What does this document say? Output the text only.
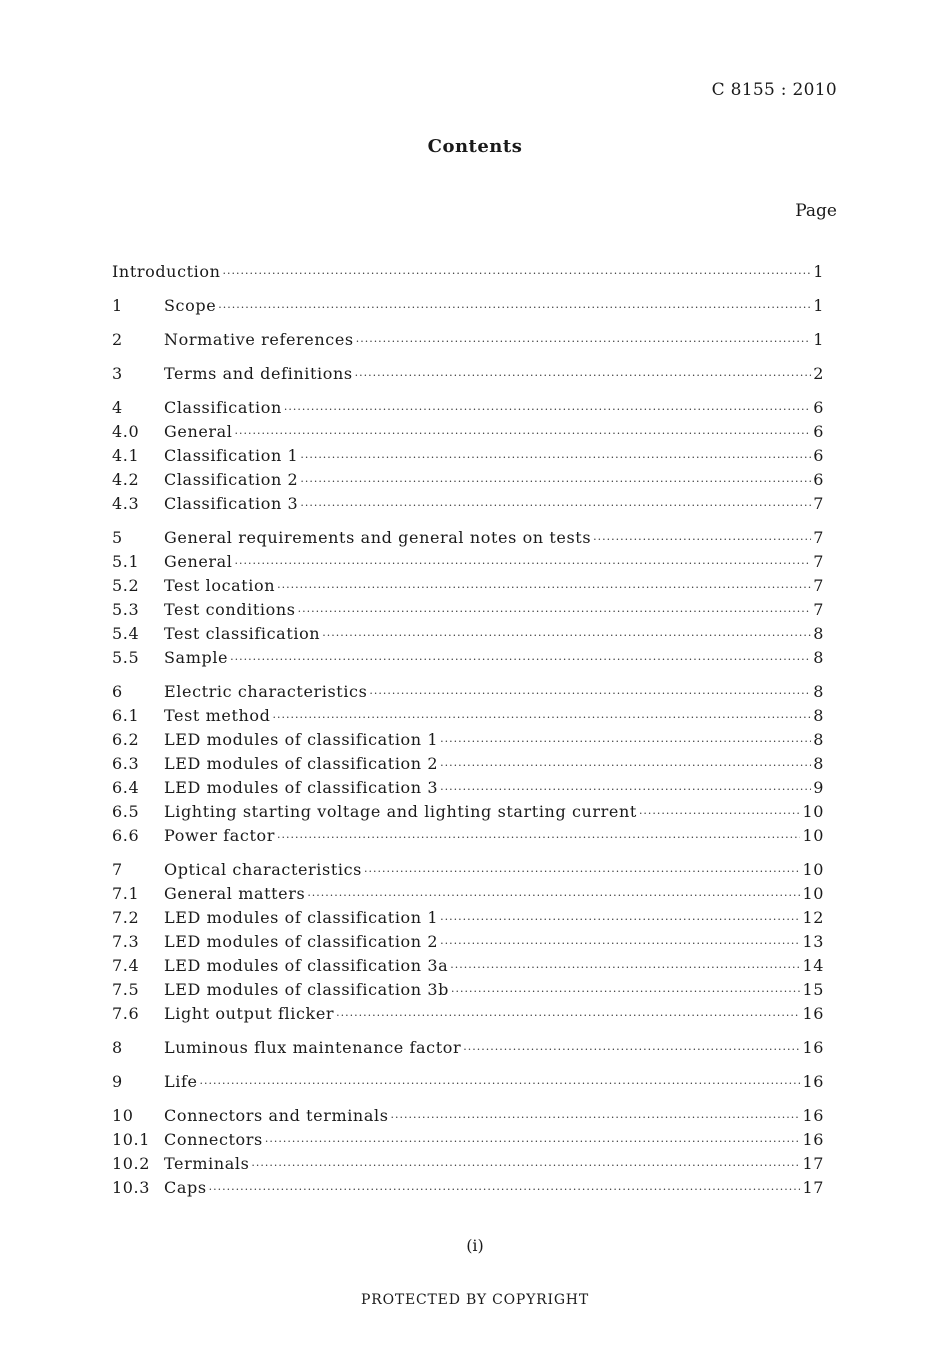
C 8155 : 2010
Contents
Page
Introduction ·····	1
1	Scope ·····	1
2	Normative references ·····	1
3	Terms and definitions ·····	2
4	Classification ·····	6
4.0	General ·····	6
4.1	Classification 1 ·····	6
4.2	Classification 2 ·····	6
4.3	Classification 3 ·····	7
5	General requirements and general notes on tests ·····	7
5.1	General ·····	7
5.2	Test location ·····	7
5.3	Test conditions ·····	7
5.4	Test classification ·····	8
5.5	Sample ·····	8
6	Electric characteristics ·····	8
6.1	Test method ·····	8
6.2	LED modules of classification 1 ·····	8
6.3	LED modules of classification 2 ·····	8
6.4	LED modules of classification 3 ·····	9
6.5	Lighting starting voltage and lighting starting current ·····	10
6.6	Power factor ·····	10
7	Optical characteristics ·····	10
7.1	General matters ·····	10
7.2	LED modules of classification 1 ·····	12
7.3	LED modules of classification 2 ·····	13
7.4	LED modules of classification 3a ·····	14
7.5	LED modules of classification 3b ·····	15
7.6	Light output flicker ·····	16
8	Luminous flux maintenance factor ·····	16
9	Life ·····	16
10	Connectors and terminals ·····	16
10.1 Connectors ·····	16
10.2 Terminals ·····	17
10.3 Caps ·····	17
(i)
PROTECTED BY COPYRIGHT
